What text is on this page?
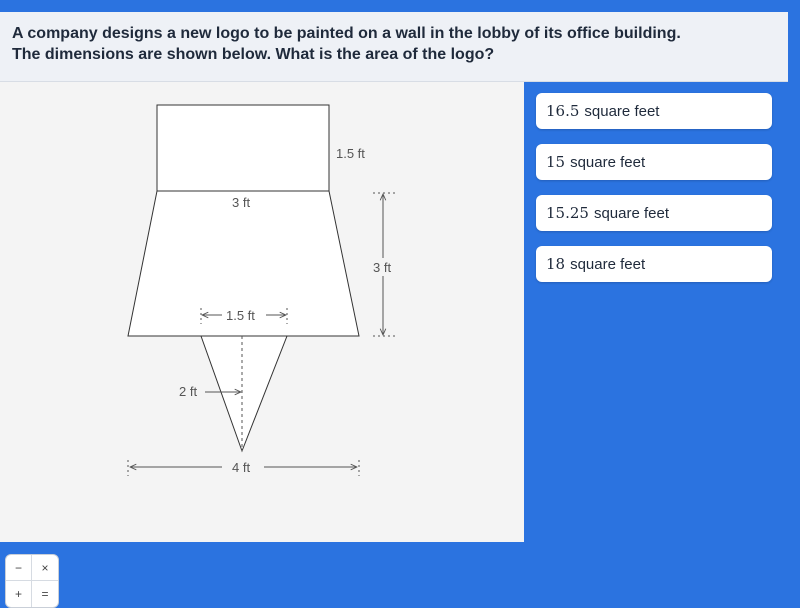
A company designs a new logo to be painted on a wall in the lobby of its office building.
The dimensions are shown below. What is the area of the logo?

1.5 ft
3 ft
3 ft
1.5 ft
2 ft
4 ft
−	×
+	=
16.5 square feet
15 square feet
15.25 square feet
18 square feet
